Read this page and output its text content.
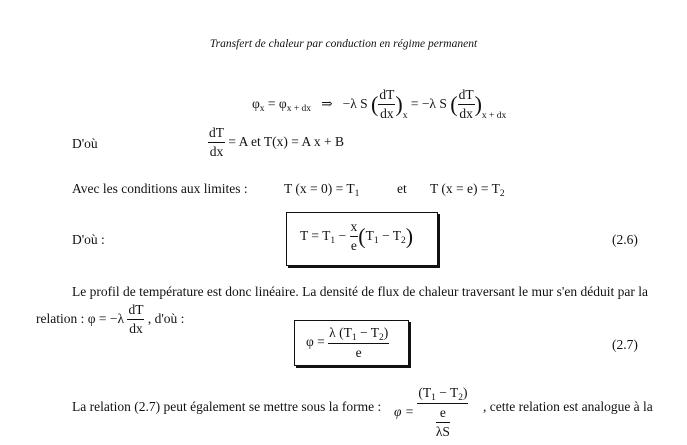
Transfert de chaleur par conduction en régime permanent
$\varphi_x = \varphi_{x + dx}$ ⇒ −λ S ( $\frac{dT}{dx} )_x = -\lambda$ S ( $\frac{dT}{dx} )_{x + dx}$
D'où	$\frac{dT}{dx} = A$ et T(x) = A x + B
Avec les conditions aux limites :	T $(x = 0) = T_1$	et T $(x = e) = T_2$
D'où :	$T = T_1 - \frac{x}{e} (T_1 - T_2)$	(2.6)
Le profil de température est donc linéaire. La densité de flux de chaleur traversant le mur s'en déduit par la
relation : $\varphi = -\lambda \frac{dT}{dx}$ , d'où :
$\varphi = \frac{\lambda (T_1 - T_2)}{e}$	(2.7)
La relation (2.7) peut également se mettre sous la forme : $\varphi = \frac{(T_1 - T_2)}{\frac{e}{\lambda S}}$ , cette relation est analogue à la
